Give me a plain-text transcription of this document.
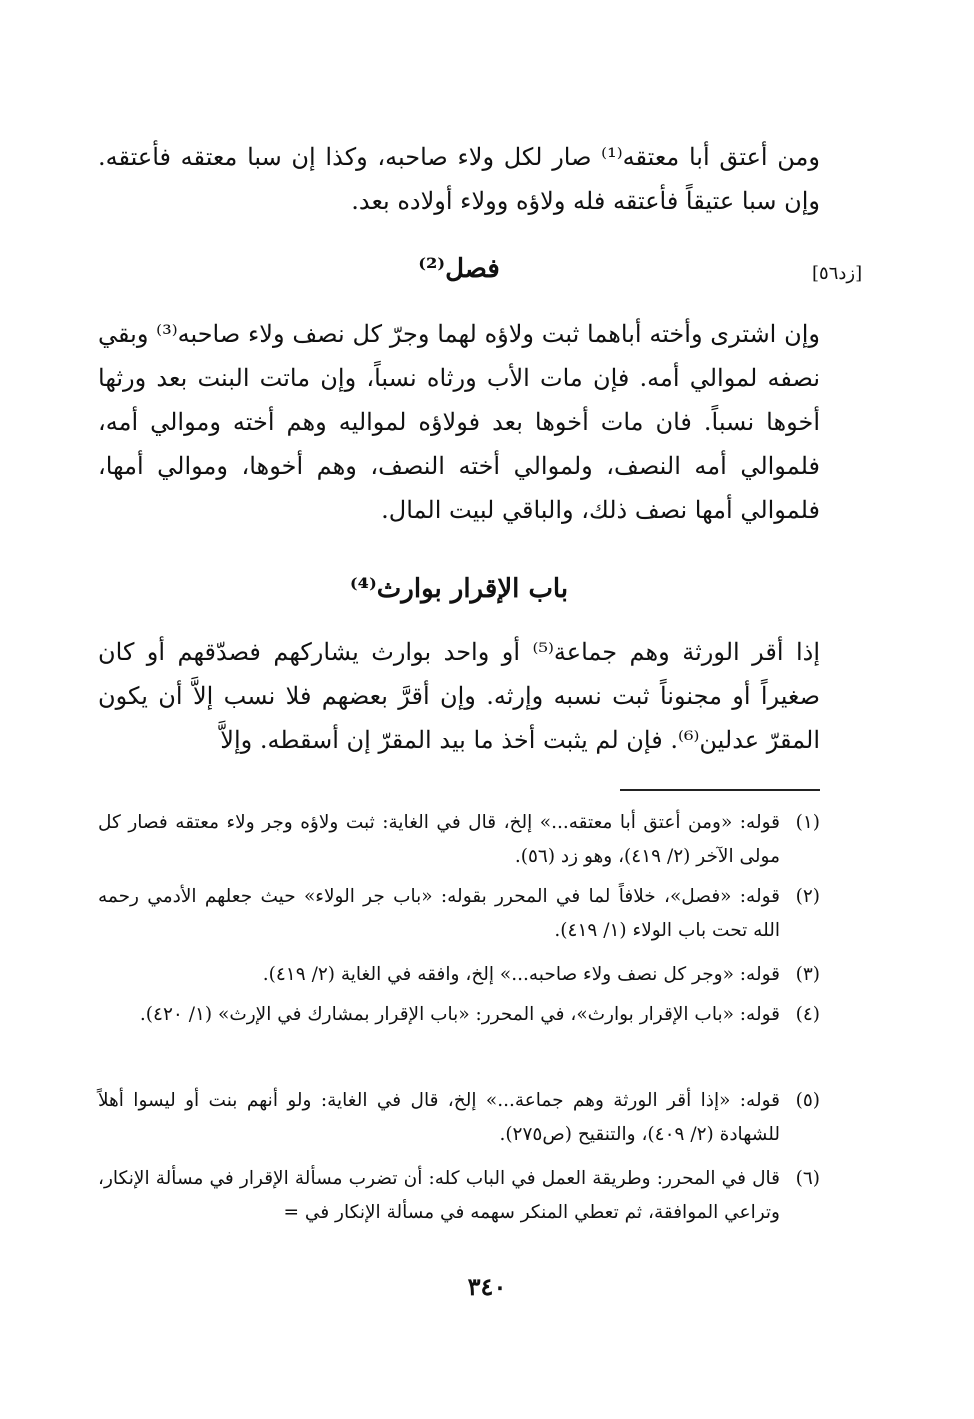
ومن أعتق أبا معتقه⁽¹⁾ صار لكل ولاء صاحبه، وكذا إن سبا معتقه فأعتقه. وإن سبا عتيقاً فأعتقه فله ولاؤه وولاء أولاده بعد.

[زد٥٦]
فصل⁽²⁾

وإن اشترى وأخته أباهما ثبت ولاؤه لهما وجرّ كل نصف ولاء صاحبه⁽³⁾ وبقي نصفه لموالي أمه. فإن مات الأب ورثاه نسباً، وإن ماتت البنت بعد ورثها أخوها نسباً. فان مات أخوها بعد فولاؤه لمواليه وهم أخته وموالي أمه، فلموالي أمه النصف، ولموالي أخته النصف، وهم أخوها، وموالي أمها، فلموالي أمها نصف ذلك، والباقي لبيت المال.

باب الإقرار بوارث⁽⁴⁾

إذا أقر الورثة وهم جماعة⁽⁵⁾ أو واحد بوارث يشاركهم فصدّقهم أو كان صغيراً أو مجنوناً ثبت نسبه وإرثه. وإن أقرَّ بعضهم فلا نسب إلاَّ أن يكون المقرّ عدلين⁽⁶⁾. فإن لم يثبت أخذ ما بيد المقرّ إن أسقطه. وإلاَّ

(١)
قوله: «ومن أعتق أبا معتقه...» إلخ، قال في الغاية: ثبت ولاؤه وجر ولاء معتقه فصار كل مولى الآخر (٢/ ٤١٩)، وهو زد (٥٦).
(٢)
قوله: «فصل»، خلافاً لما في المحرر بقوله: «باب جر الولاء» حيث جعلهم الأدمي رحمه الله تحت باب الولاء (١/ ٤١٩).
(٣)
قوله: «وجر كل نصف ولاء صاحبه...» إلخ، وافقه في الغاية (٢/ ٤١٩).
(٤)
قوله: «باب الإقرار بوارث»، في المحرر: «باب الإقرار بمشارك في الإرث» (١/ ٤٢٠).
(٥)
قوله: «إذا أقر الورثة وهم جماعة...» إلخ، قال في الغاية: ولو أنهم بنت أو ليسوا أهلاً للشهادة (٢/ ٤٠٩)، والتنقيح (ص٢٧٥).
(٦)
قال في المحرر: وطريقة العمل في الباب كله: أن تضرب مسألة الإقرار في مسألة الإنكار، وتراعي الموافقة، ثم تعطي المنكر سهمه في مسألة الإنكار في =
٣٤٠
